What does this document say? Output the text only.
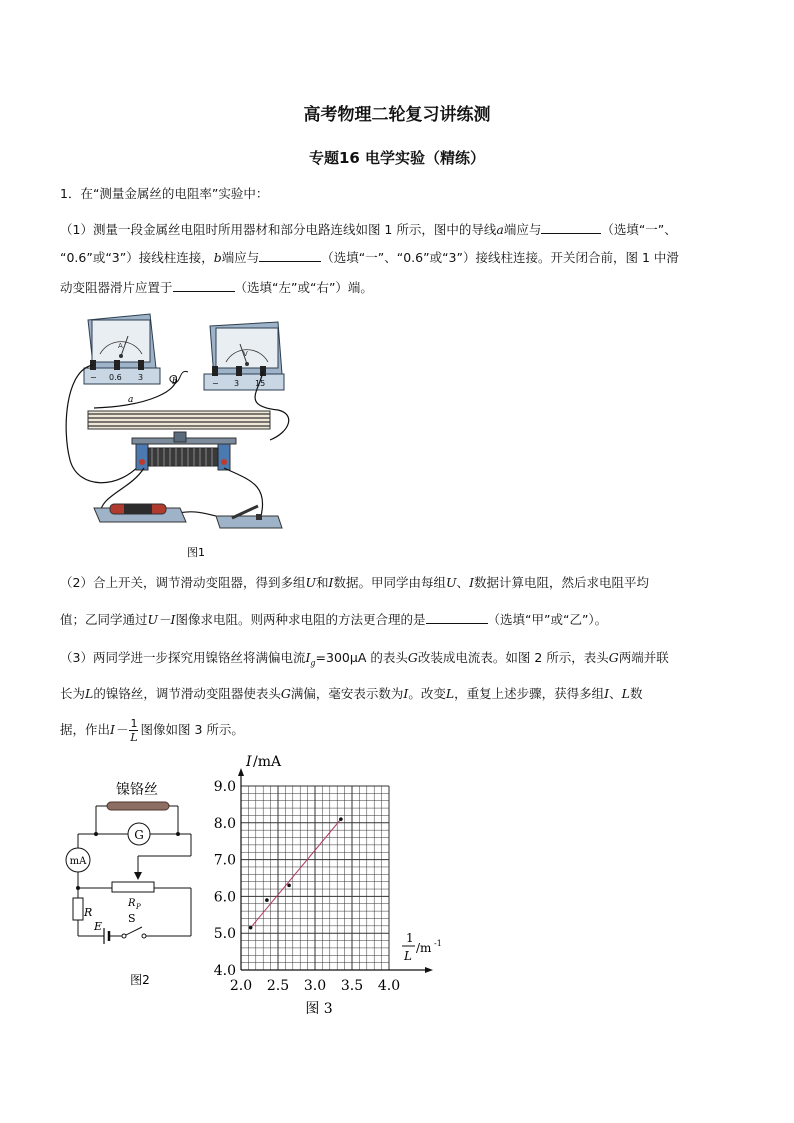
高考物理二轮复习讲练测
专题16 电学实验（精练）
1．在“测量金属丝的电阻率”实验中：
（1）测量一段金属丝电阻时所用器材和部分电路连线如图 1 所示，图中的导线a端应与	（选填“一”、
“0.6”或“3”）接线柱连接，b端应与	（选填“一”、“0.6”或“3”）接线柱连接。开关闭合前，图 1 中滑
动变阻器滑片应置于	（选填“左”或“右”）端。
A
− 0.6 3
V
− 3 15
b
a
图1
（2）合上开关，调节滑动变阻器，得到多组U和I数据。甲同学由每组U、I数据计算电阻，然后求电阻平均
值；乙同学通过U－I图像求电阻。则两种求电阻的方法更合理的是	（选填“甲”或“乙”）。
（3）两同学进一步探究用镍铬丝将满偏电流$I_g=300\mu A$ 的表头G改装成电流表。如图 2 所示，表头G两端并联
长为L的镍铬丝，调节滑动变阻器使表头G满偏，毫安表示数为I。改变L，重复上述步骤，获得多组I、L数
据，作出$I- \frac{1}{L}$ 图像如图 3 所示。
镍铬丝
G
mA
R P
R
E
S
图2
4.0
5.0
6.0
7.0
8.0
9.0
2.0 2.5 3.0 3.5 4.0
I /mA
1
L
/m -1
图 3
